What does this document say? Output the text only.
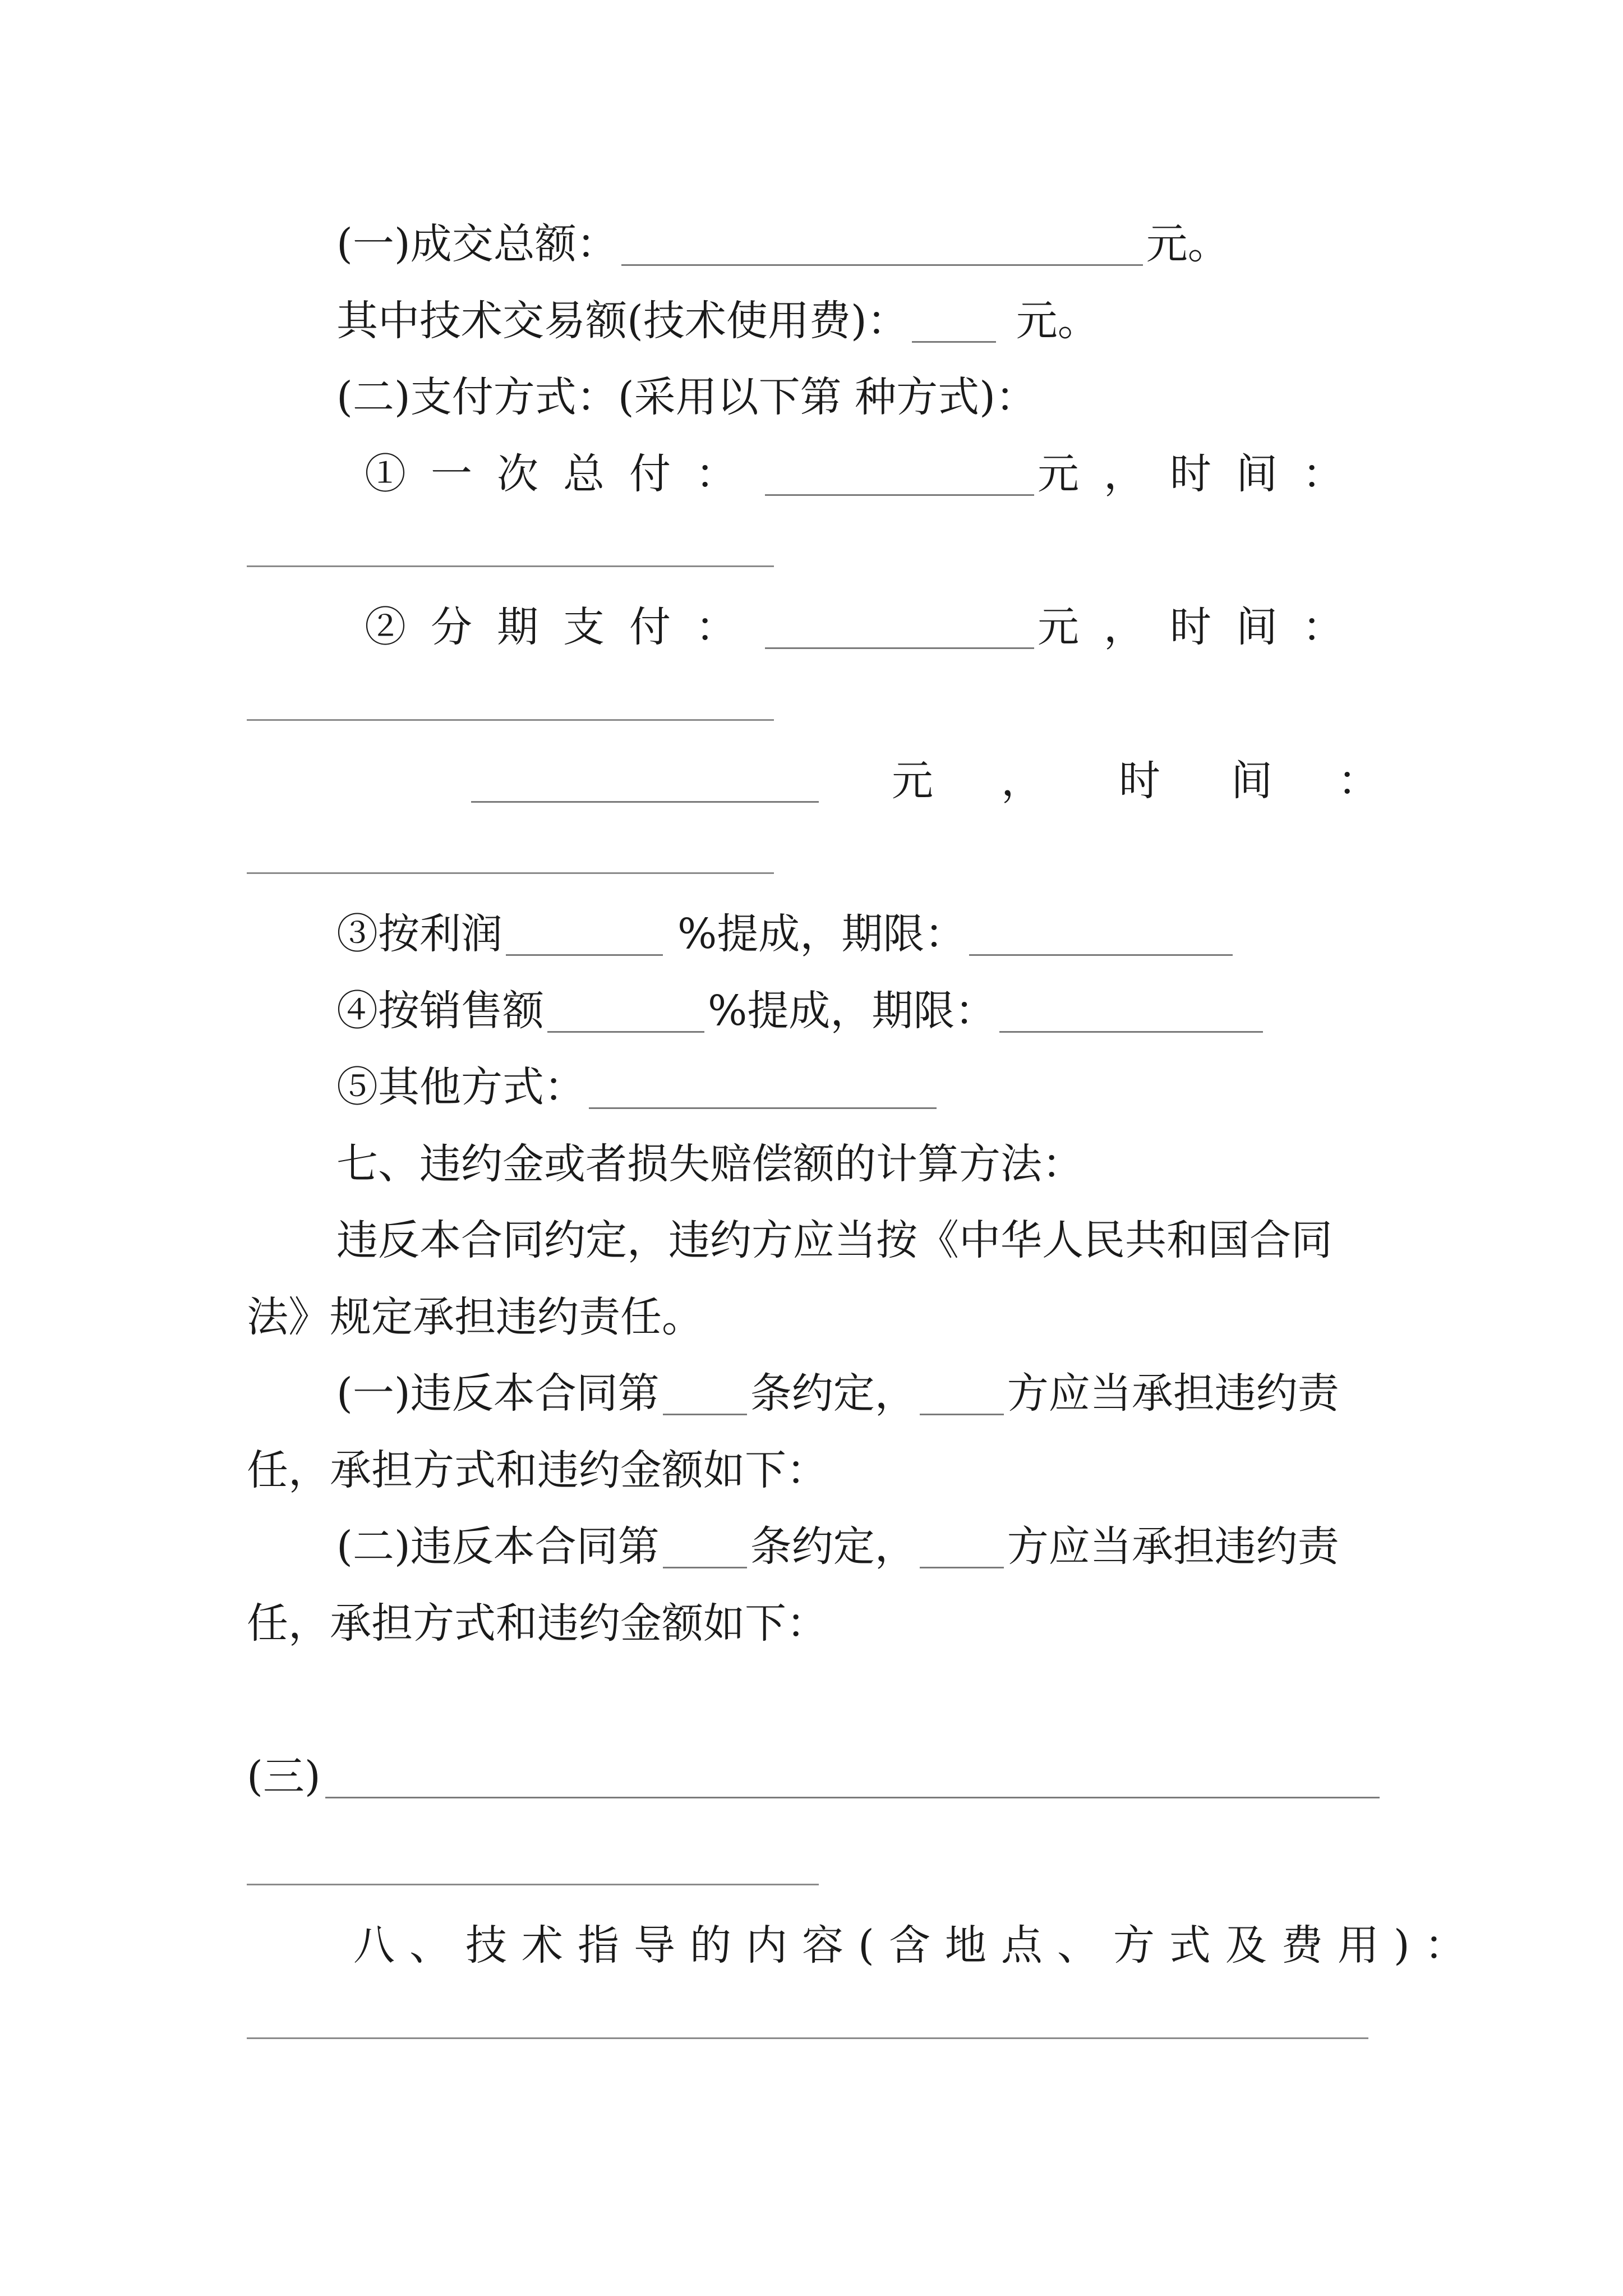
(一)成交总额：	元。
其中技术交易额(技术使用费)：	元。
(二)支付方式：(采用以下第 种方式)：
①一次总付：	元， 时间：
②分期支付：	元， 时间：
元 ， 时 间 ：
③按利润	%提成，期限：
④按销售额	%提成，期限：
⑤其他方式：
七、违约金或者损失赔偿额的计算方法：
违反本合同约定，违约方应当按《中华人民共和国合同
法》规定承担违约责任。
(一)违反本合同第 条约定， 方应当承担违约责
任，承担方式和违约金额如下：
(二)违反本合同第 条约定， 方应当承担违约责
任，承担方式和违约金额如下：
(三)
八、技术指导的内容(含地点、方式及费用)：
